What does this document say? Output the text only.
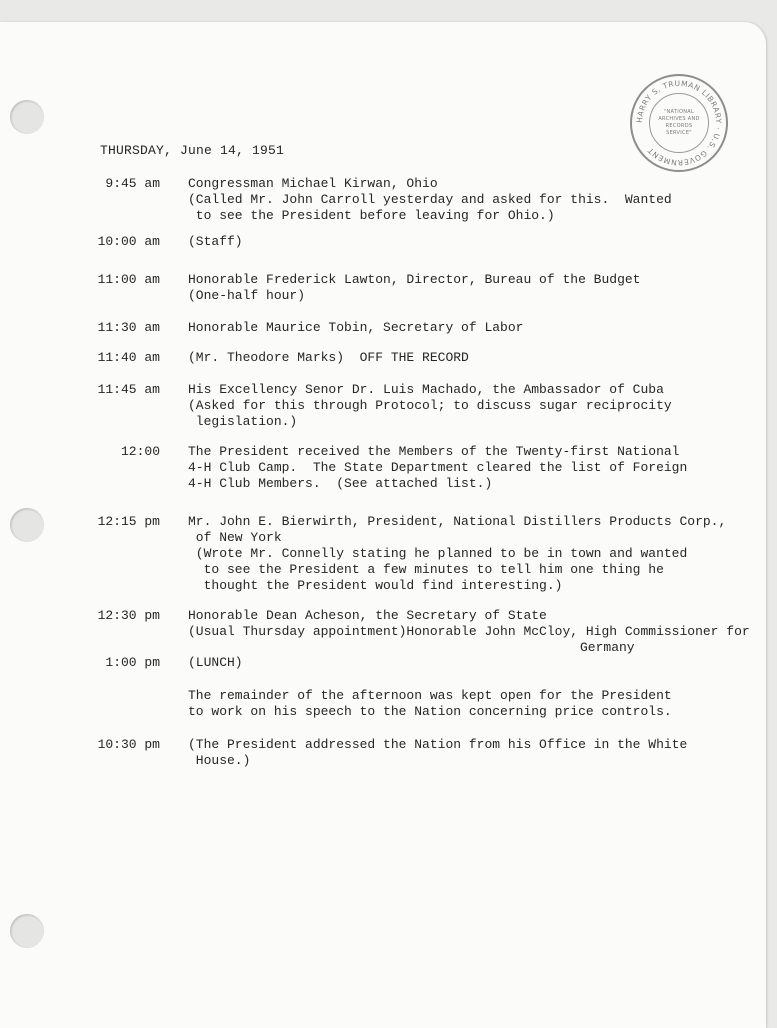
HARRY S. TRUMAN LIBRARY · U.S. GOVERNMENT
"NATIONAL
ARCHIVES AND
RECORDS
SERVICE"
THURSDAY, June 14, 1951
9:45 am Congressman Michael Kirwan, Ohio
(Called Mr. John Carroll yesterday and asked for this.  Wanted
to see the President before leaving for Ohio.)
10:00 am (Staff)
11:00 am Honorable Frederick Lawton, Director, Bureau of the Budget
(One-half hour)
11:30 am Honorable Maurice Tobin, Secretary of Labor
11:40 am (Mr. Theodore Marks)  OFF THE RECORD
11:45 am His Excellency Senor Dr. Luis Machado, the Ambassador of Cuba
(Asked for this through Protocol; to discuss sugar reciprocity
legislation.)
12:00 The President received the Members of the Twenty-first National
4-H Club Camp.  The State Department cleared the list of Foreign
4-H Club Members.  (See attached list.)
12:15 pm Mr. John E. Bierwirth, President, National Distillers Products Corp.,
of New York
(Wrote Mr. Connelly stating he planned to be in town and wanted
to see the President a few minutes to tell him one thing he
thought the President would find interesting.)
12:30 pm Honorable Dean Acheson, the Secretary of State
(Usual Thursday appointment)Honorable John McCloy, High Commissioner for
Germany
1:00 pm (LUNCH)
The remainder of the afternoon was kept open for the President
to work on his speech to the Nation concerning price controls.
10:30 pm (The President addressed the Nation from his Office in the White
House.)
